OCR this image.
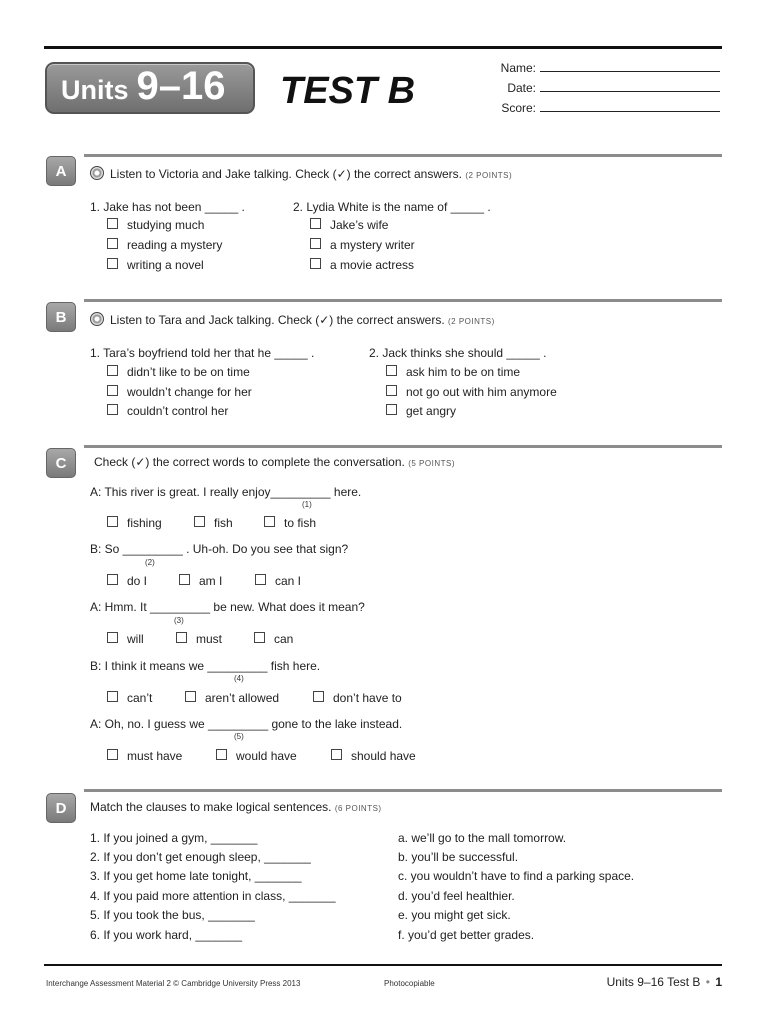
Units 9–16 TEST B
Name:
Date:
Score:
A	Listen to Victoria and Jake talking. Check (✓) the correct answers. (2 POINTS)
1. Jake has not been _____ .
studying much
reading a mystery
writing a novel
2. Lydia White is the name of _____ .
Jake’s wife
a mystery writer
a movie actress
B	Listen to Tara and Jack talking. Check (✓) the correct answers. (2 POINTS)
1. Tara’s boyfriend told her that he _____ .
didn’t like to be on time
wouldn’t change for her
couldn’t control her
2. Jack thinks she should _____ .
ask him to be on time
not go out with him anymore
get angry
C	Check (✓) the correct words to complete the conversation. (5 POINTS)
A: This river is great. I really enjoy_________ here.
(1)
fishing	fish	to fish
B: So _________ . Uh-oh. Do you see that sign?
(2)
do I	am I	can I
A: Hmm. It _________ be new. What does it mean?
(3)
will	must	can
B: I think it means we _________ fish here.
(4)
can’t	aren’t allowed	don’t have to
A: Oh, no. I guess we _________ gone to the lake instead.
(5)
must have	would have	should have
D	Match the clauses to make logical sentences. (6 POINTS)
1. If you joined a gym, _______
2. If you don’t get enough sleep, _______
3. If you get home late tonight, _______
4. If you paid more attention in class, _______
5. If you took the bus, _______
6. If you work hard, _______
a. we’ll go to the mall tomorrow.
b. you’ll be successful.
c. you wouldn’t have to find a parking space.
d. you’d feel healthier.
e. you might get sick.
f. you’d get better grades.
Interchange Assessment Material 2 © Cambridge University Press 2013	Photocopiable	Units 9–16 Test B • 1
